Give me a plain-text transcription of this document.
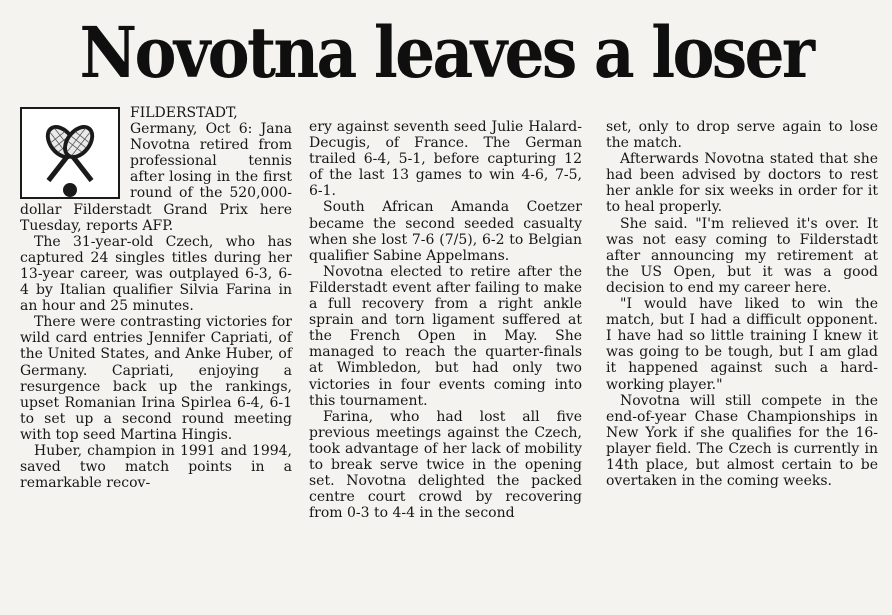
Novotna leaves a loser

FILDERSTADT, Germany, Oct 6: Jana Novotna retired from professional tennis after losing in the first round of the 520,000-dollar Filderstadt Grand Prix here Tuesday, reports AFP.

The 31-year-old Czech, who has captured 24 singles titles during her 13-year career, was outplayed 6-3, 6-4 by Italian qualifier Silvia Farina in an hour and 25 minutes.

There were contrasting victories for wild card entries Jennifer Capriati, of the United States, and Anke Huber, of Germany. Capriati, enjoying a resurgence back up the rankings, upset Romanian Irina Spirlea 6-4, 6-1 to set up a second round meeting with top seed Martina Hingis.

Huber, champion in 1991 and 1994, saved two match points in a remarkable recov-

ery against seventh seed Julie Halard-Decugis, of France. The German trailed 6-4, 5-1, before capturing 12 of the last 13 games to win 4-6, 7-5, 6-1.

South African Amanda Coetzer became the second seeded casualty when she lost 7-6 (7/5), 6-2 to Belgian qualifier Sabine Appelmans.

Novotna elected to retire after the Filderstadt event after failing to make a full recovery from a right ankle sprain and torn ligament suffered at the French Open in May. She managed to reach the quarter-finals at Wimbledon, but had only two victories in four events coming into this tournament.

Farina, who had lost all five previous meetings against the Czech, took advantage of her lack of mobility to break serve twice in the opening set. Novotna delighted the packed centre court crowd by recovering from 0-3 to 4-4 in the second

set, only to drop serve again to lose the match.

Afterwards Novotna stated that she had been advised by doctors to rest her ankle for six weeks in order for it to heal properly.

She said. "I'm relieved it's over. It was not easy coming to Filderstadt after announcing my retirement at the US Open, but it was a good decision to end my career here.

"I would have liked to win the match, but I had a difficult opponent. I have had so little training I knew it was going to be tough, but I am glad it happened against such a hard-working player."

Novotna will still compete in the end-of-year Chase Championships in New York if she qualifies for the 16-player field. The Czech is currently in 14th place, but almost certain to be overtaken in the coming weeks.
